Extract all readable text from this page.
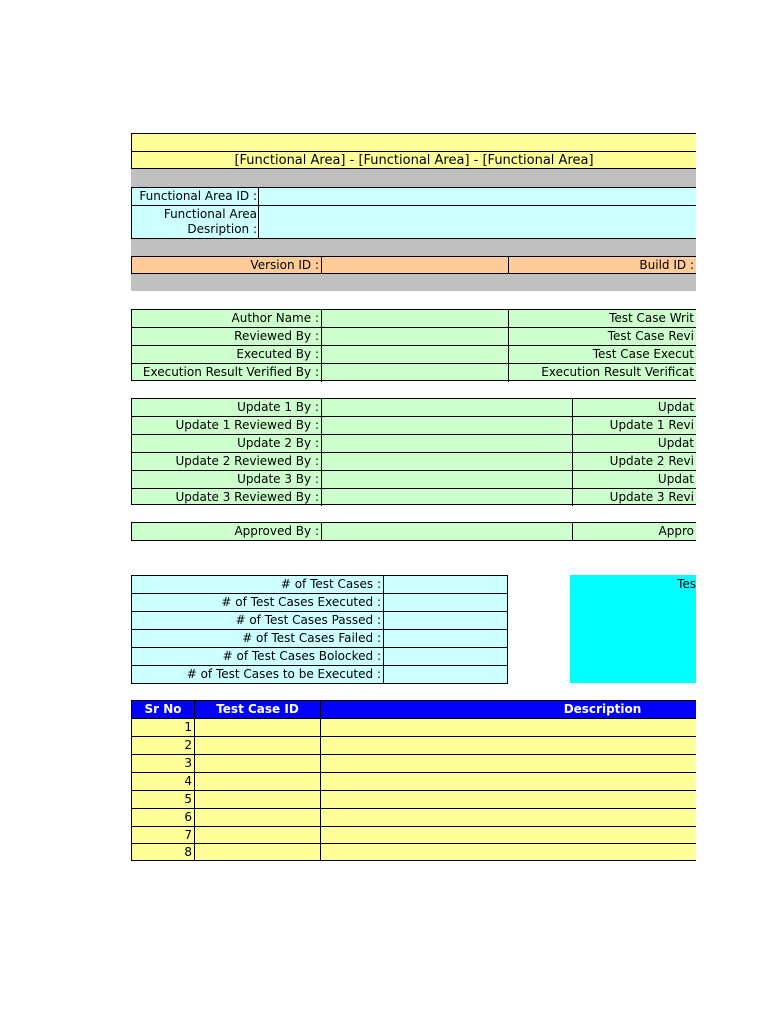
[Functional Area] - [Functional Area] - [Functional Area]
Functional Area ID :
Functional Area
Desription :
Version ID :	Build ID :
Author Name :	Test Case Writ
Reviewed By :	Test Case Revi
Executed By :	Test Case Execut
Execution Result Verified By :	Execution Result Verificat
Update 1 By :	Updat
Update 1 Reviewed By :	Update 1 Revi
Update 2 By :	Updat
Update 2 Reviewed By :	Update 2 Revi
Update 3 By :	Updat
Update 3 Reviewed By :	Update 3 Revi
Approved By :	Appro
# of Test Cases :
# of Test Cases Executed :
# of Test Cases Passed :
# of Test Cases Failed :
# of Test Cases Bolocked :
# of Test Cases to be Executed :
Tes
Sr No	Test Case ID	Description
1
2
3
4
5
6
7
8
